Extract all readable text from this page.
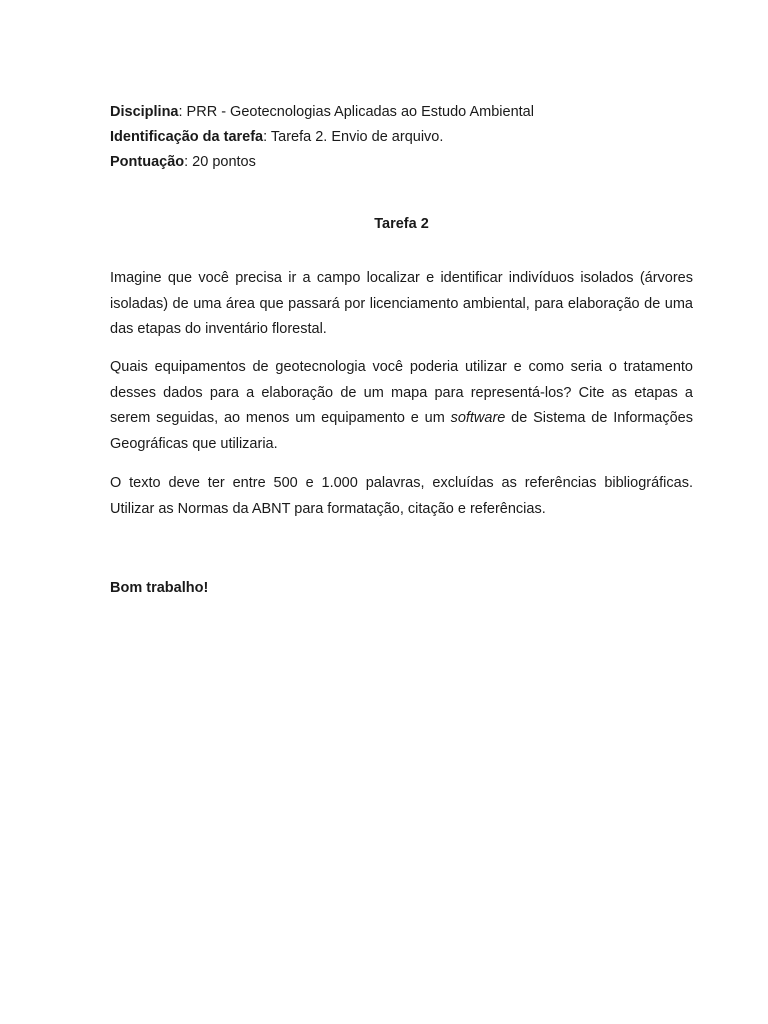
Disciplina: PRR - Geotecnologias Aplicadas ao Estudo Ambiental
Identificação da tarefa: Tarefa 2. Envio de arquivo.
Pontuação: 20 pontos
Tarefa 2

Imagine que você precisa ir a campo localizar e identificar indivíduos isolados (árvores isoladas) de uma área que passará por licenciamento ambiental, para elaboração de uma das etapas do inventário florestal.

Quais equipamentos de geotecnologia você poderia utilizar e como seria o tratamento desses dados para a elaboração de um mapa para representá-los? Cite as etapas a serem seguidas, ao menos um equipamento e um software de Sistema de Informações Geográficas que utilizaria.

O texto deve ter entre 500 e 1.000 palavras, excluídas as referências bibliográficas. Utilizar as Normas da ABNT para formatação, citação e referências.

Bom trabalho!
